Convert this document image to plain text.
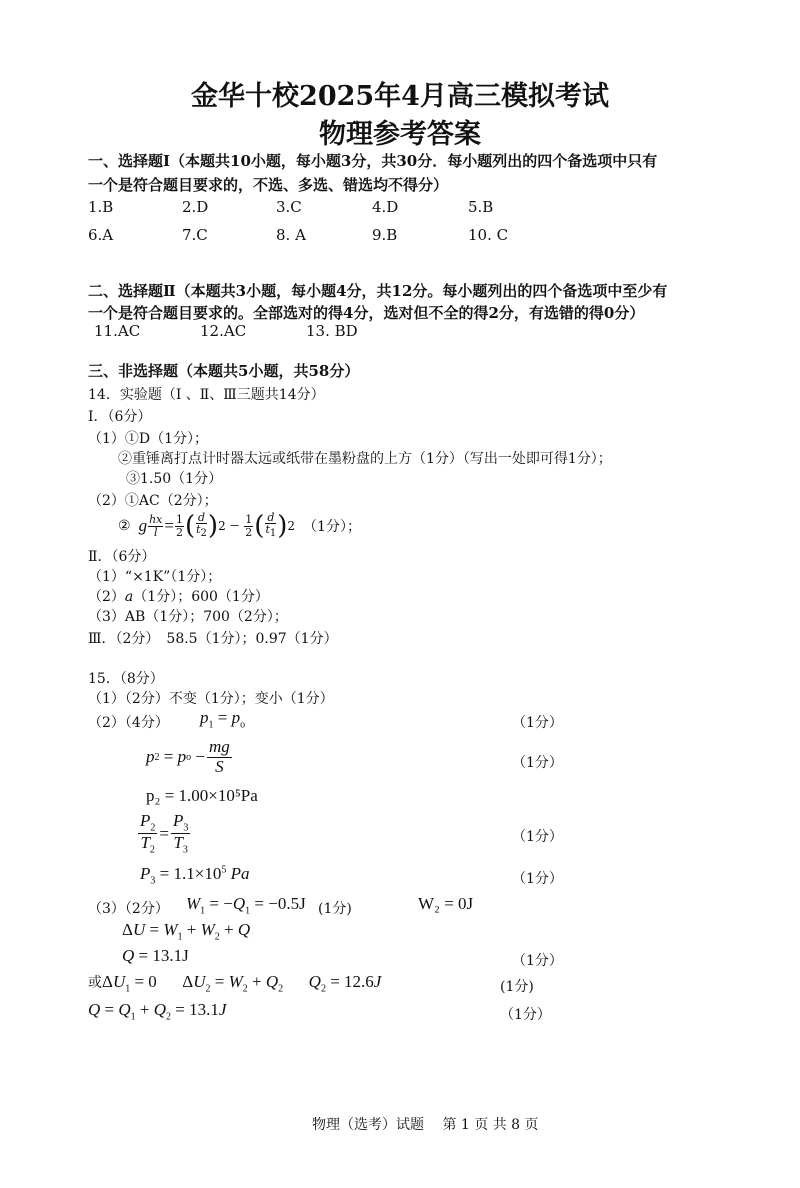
金华十校2025年4月高三模拟考试
物理参考答案
一、选择题Ⅰ（本题共10小题，每小题3分，共30分．每小题列出的四个备选项中只有
一个是符合题目要求的，不选、多选、错选均不得分）
1.B	2.D	3.C	4.D	5.B
6.A	7.C	8. A	9.B	10. C
二、选择题Ⅱ（本题共3小题，每小题4分，共12分。每小题列出的四个备选项中至少有
一个是符合题目要求的。全部选对的得4分，选对但不全的得2分，有选错的得0分）
11.AC	12.AC	13. BD
三、非选择题（本题共5小题，共58分）
14．实验题（Ⅰ 、Ⅱ、Ⅲ三题共14分）
Ⅰ．（6分）
（1）①D（1分）；
②重锤离打点计时器太远或纸带在墨粉盘的上方（1分）（写出一处即可得1分）；
③1.50（1分）
（2）①AC（2分）；
② g $\frac{hx}{l} = \frac{1}{2}$ ( $\frac{d}{t_2}$ ) $2 - \frac{1}{2}$ ( $\frac{d}{t_1}$ ) 2 （1分）；
Ⅱ．（6分）
（1）“×1K”（1分）；
（2）a（1分）；600（1分）
（3）AB（1分）；700（2分）；
Ⅲ．（2分）　58.5（1分）；0.97（1分）
15．（8分）
（1）（2分）不变（1分）；变小（1分）
（2）（4分） $p_1 = p_o$	（1分）
p 2 = p $o - \frac{mg}{S}$	（1分）
p₂ = 1.00×10⁵Pa
$\frac{P_2}{T_2} = \frac{P_3}{T_3}$	（1分）
$P_3 = 1.1\times 10^5$ Pa	（1分）
（3）（2分） $W_1 = -Q_1 = -0.5J$ (1分)	W₂ = 0J
$\Delta U = W_1 + W_2 + Q$
Q = 13.1J	（1分）
或$\Delta U_1 = 0$      $\Delta U_2 = W_2 + Q_2$ $Q_2 = 12.6J$	(1分)
$Q = Q_1 + Q_2 = 13.1J$	（1分）
物理（选考）试题　 第 1 页 共 8 页
